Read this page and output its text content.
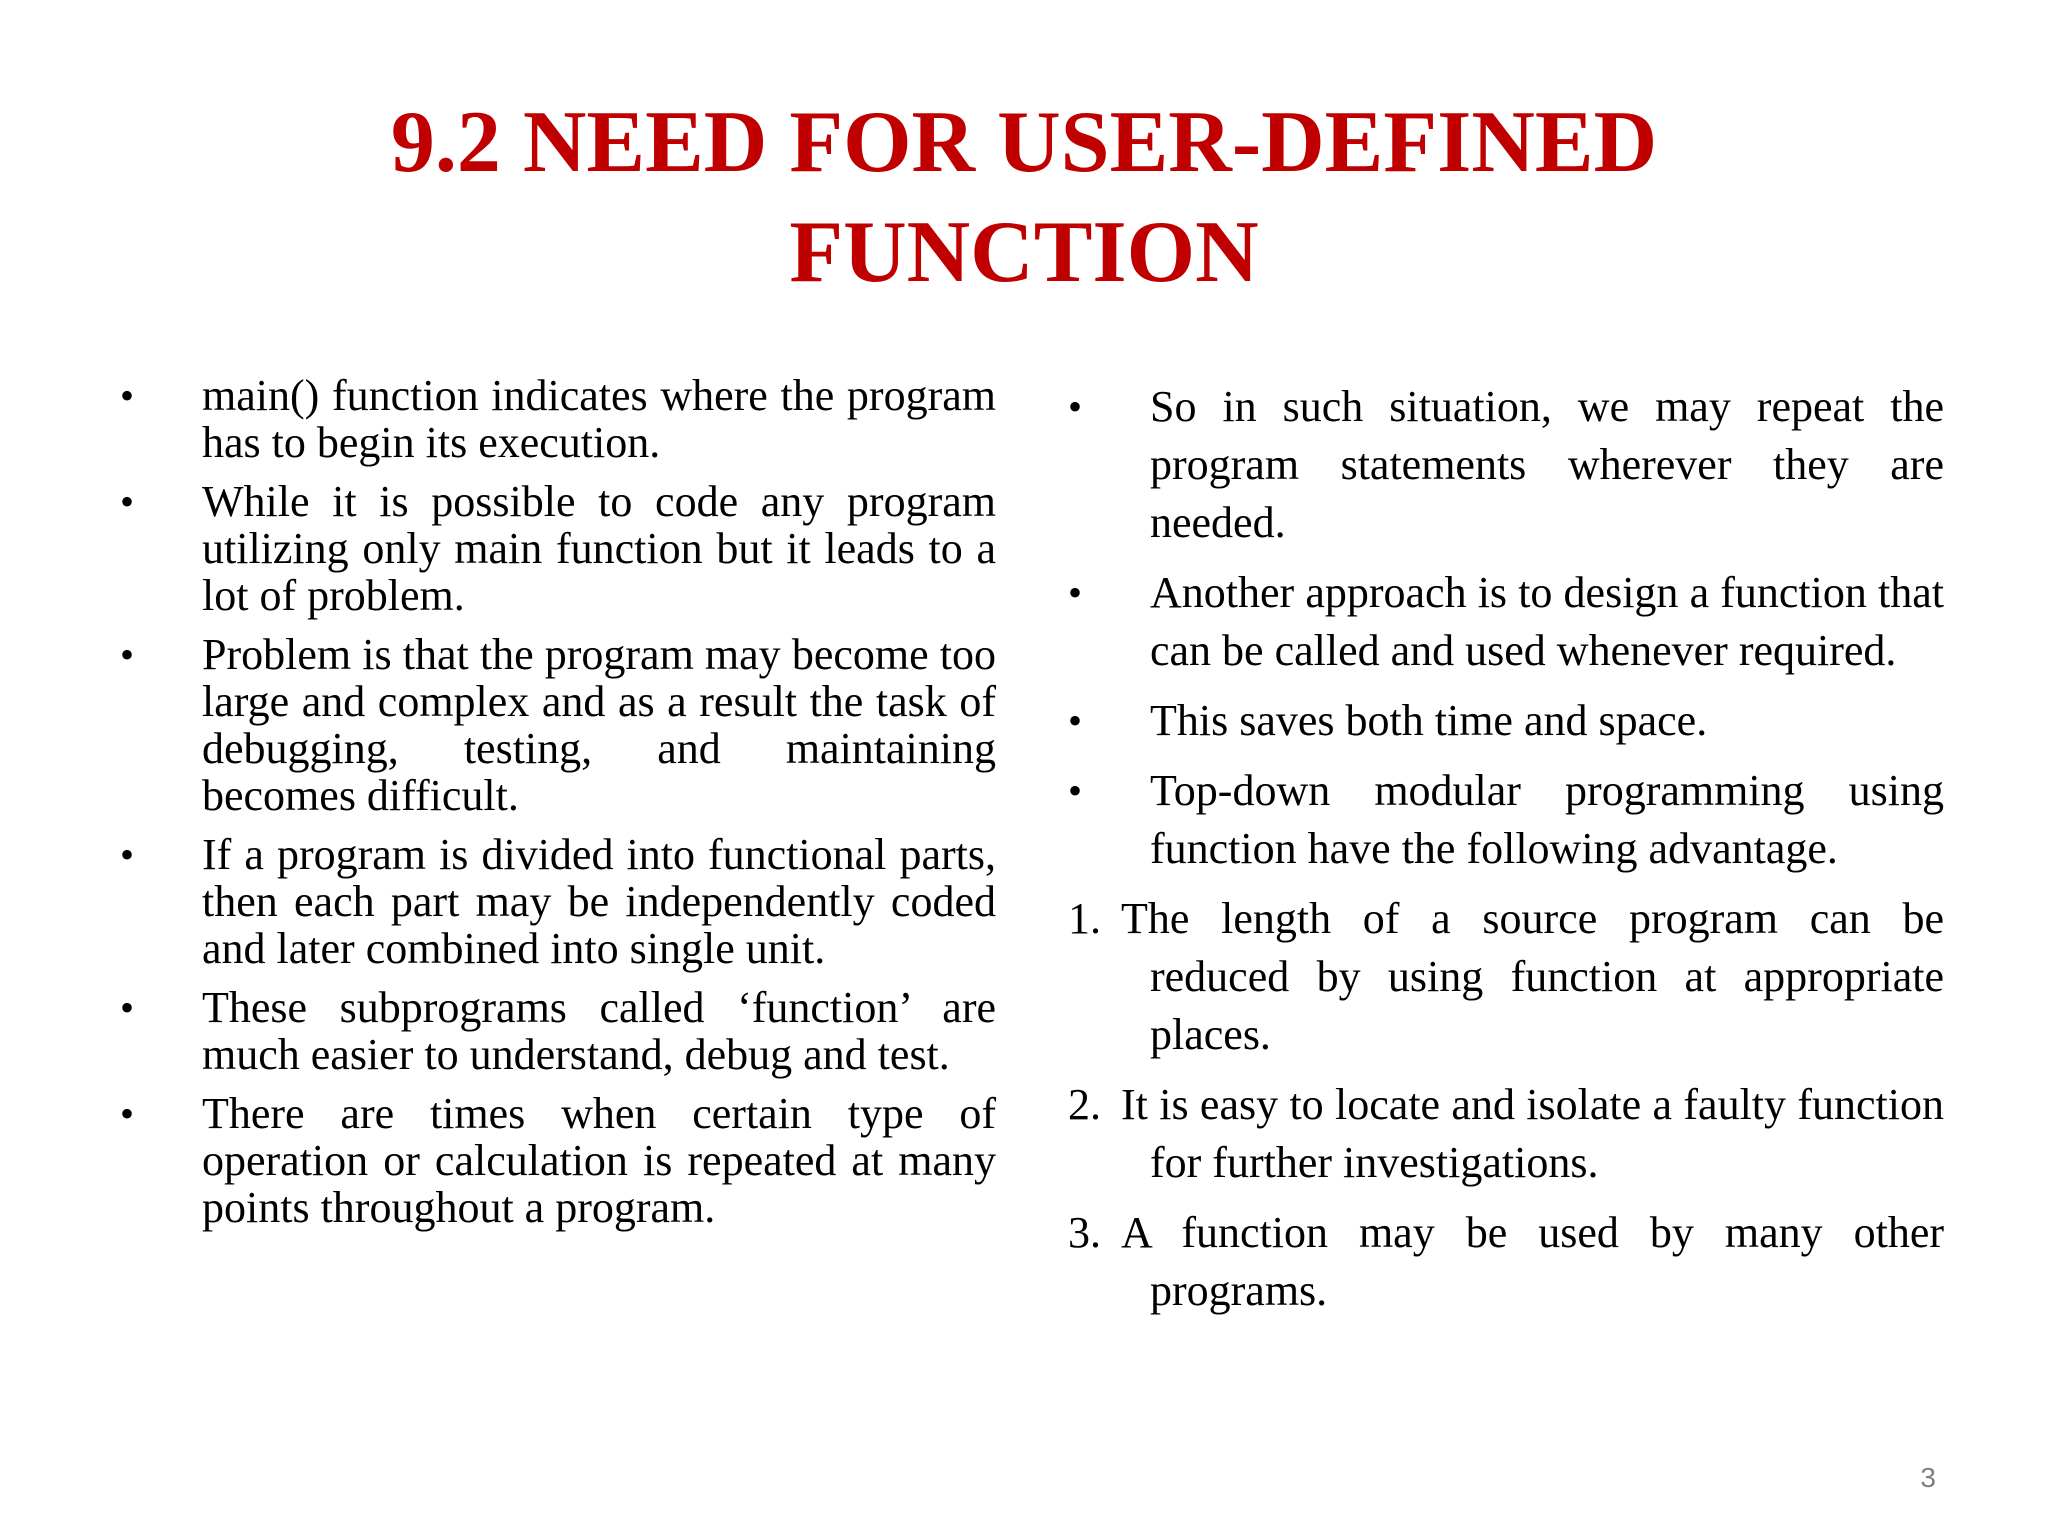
9.2 NEED FOR USER-DEFINED
FUNCTION
•	main() function indicates where the program has to begin its execution.
•	While it is possible to code any program utilizing only main function but it leads to a lot of problem.
•	Problem is that the program may become too large and complex and as a result the task of debugging, testing, and maintaining becomes difficult.
•	If a program is divided into functional parts, then each part may be independently coded and later combined into single unit.
•	These subprograms called ‘function’ are much easier to understand, debug and test.
•	There are times when certain type of operation or calculation is repeated at many points throughout a program.
•	So in such situation, we may repeat the program statements wherever they are needed.
•	Another approach is to design a function that can be called and used whenever required.
•	This saves both time and space.
•	Top-down modular programming using function have the following advantage.
1. The length of a source program can be reduced by using function at appropriate places.
2. It is easy to locate and isolate a faulty function for further investigations.
3. A function may be used by many other programs.
3
